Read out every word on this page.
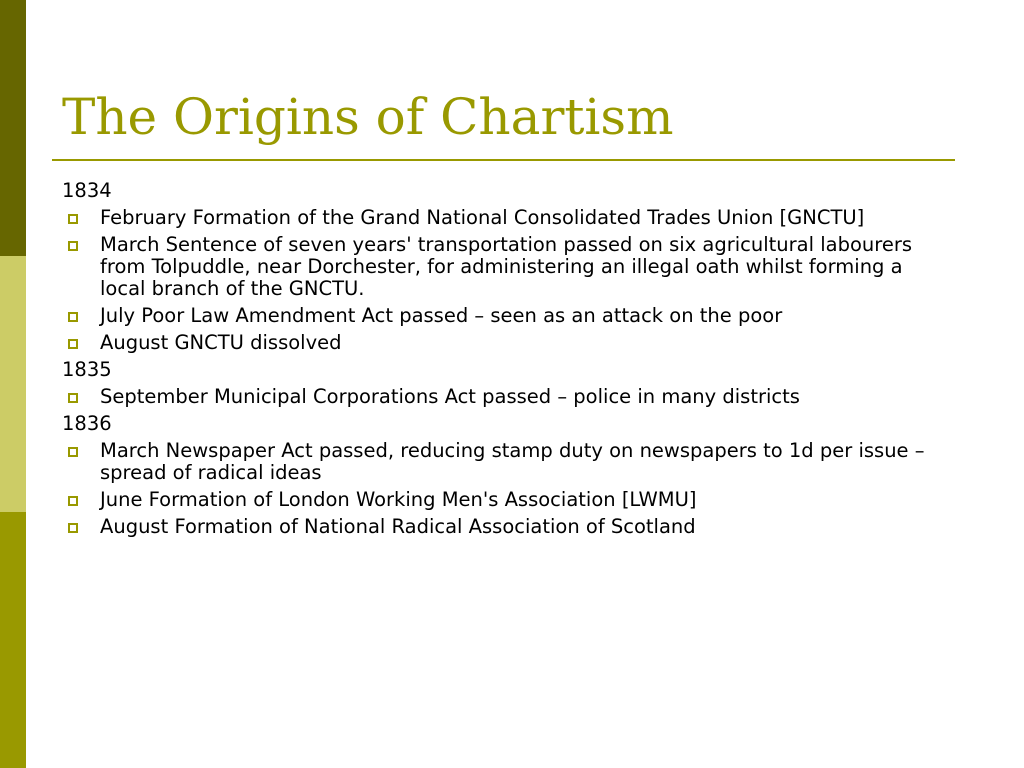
The Origins of Chartism
1834
February Formation of the Grand National Consolidated Trades Union [GNCTU]
March Sentence of seven years' transportation passed on six agricultural labourers from Tolpuddle, near Dorchester, for administering an illegal oath whilst forming a local branch of the GNCTU.
July Poor Law Amendment Act passed – seen as an attack on the poor
August GNCTU dissolved
1835
September Municipal Corporations Act passed – police in many districts
1836
March Newspaper Act passed, reducing stamp duty on newspapers to 1d per issue – spread of radical ideas
June Formation of London Working Men's Association [LWMU]
August Formation of National Radical Association of Scotland
